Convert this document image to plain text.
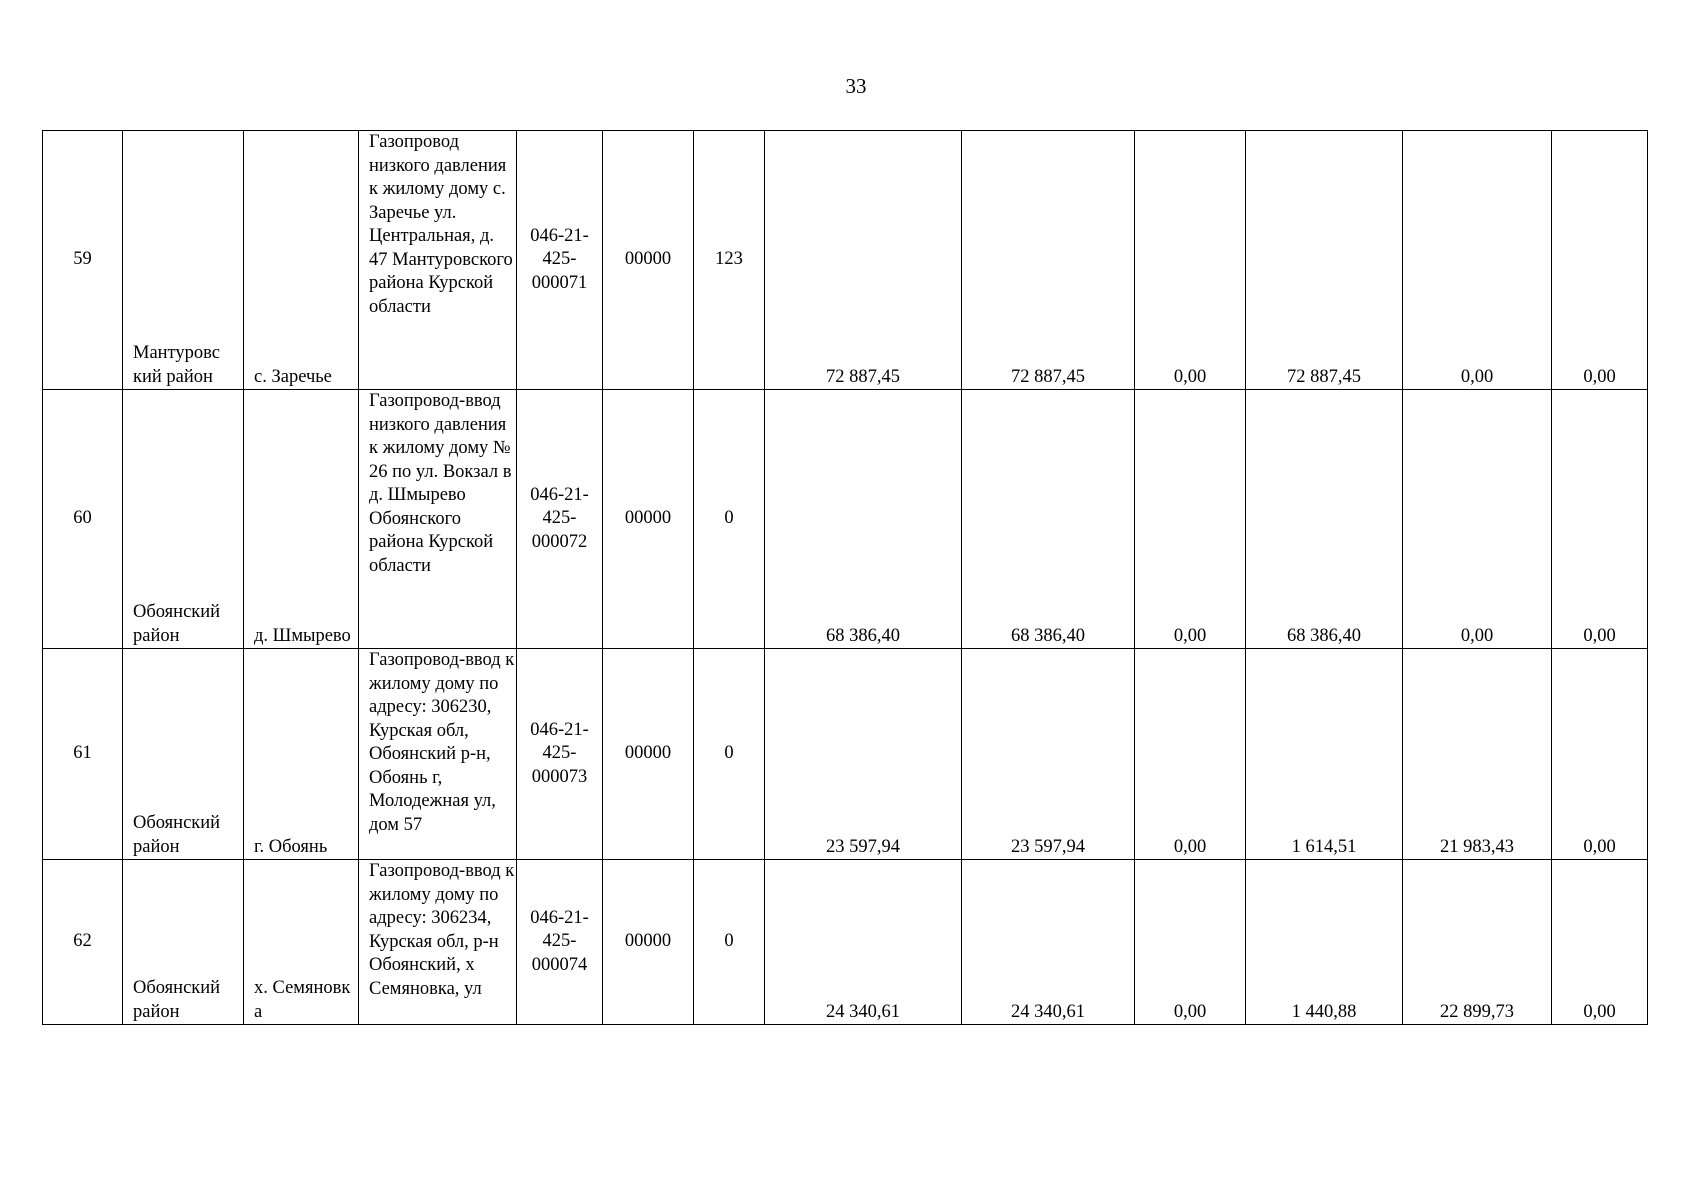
33
59	Мантуровс кий район	с. Заречье	Газопровод низкого давления к жилому дому с. Заречье ул. Центральная, д. 47 Мантуровского района Курской области	046-21-425-000071	00000	123	72 887,45	72 887,45	0,00	72 887,45	0,00	0,00
60	Обоянский район	д. Шмырево	Газопровод-ввод низкого давления к жилому дому № 26 по ул. Вокзал в д. Шмырево Обоянского района Курской области	046-21-425-000072	00000	0	68 386,40	68 386,40	0,00	68 386,40	0,00	0,00
61	Обоянский район	г. Обоянь	Газопровод-ввод к жилому дому по адресу: 306230, Курская обл, Обоянский р-н, Обоянь г, Молодежная ул, дом 57	046-21-425-000073	00000	0	23 597,94	23 597,94	0,00	1 614,51	21 983,43	0,00
62	Обоянский район	х. Семяновк а	Газопровод-ввод к жилому дому по адресу: 306234, Курская обл, р-н Обоянский, х Семяновка, ул	046-21-425-000074	00000	0	24 340,61	24 340,61	0,00	1 440,88	22 899,73	0,00
